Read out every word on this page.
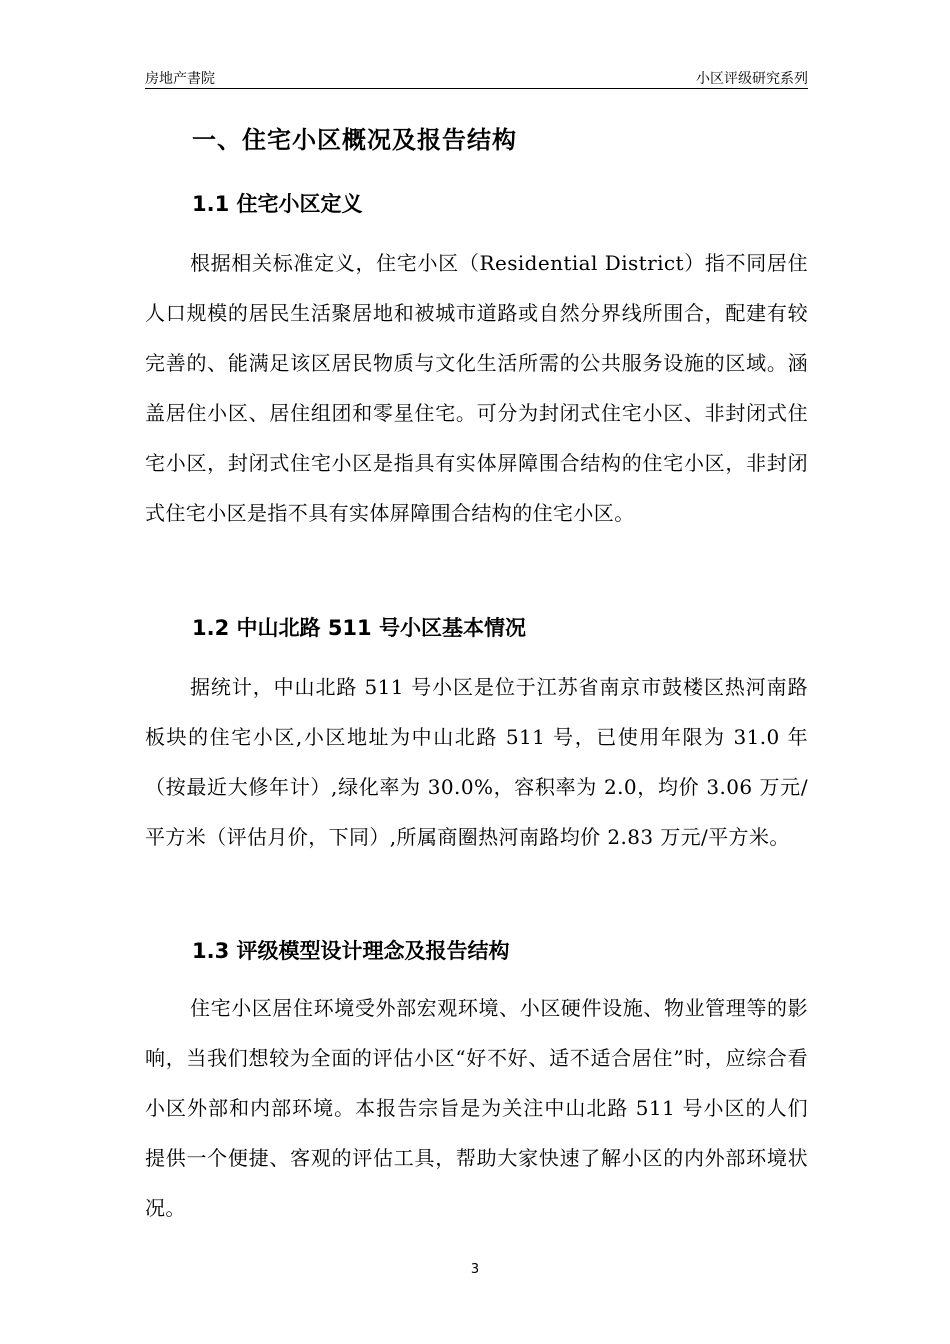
房地产書院	小区评级研究系列
一、住宅小区概况及报告结构
1.1 住宅小区定义

根据相关标准定义，住宅小区（Residential District）指不同居住人口规模的居民生活聚居地和被城市道路或自然分界线所围合，配建有较完善的、能满足该区居民物质与文化生活所需的公共服务设施的区域。涵盖居住小区、居住组团和零星住宅。可分为封闭式住宅小区、非封闭式住宅小区，封闭式住宅小区是指具有实体屏障围合结构的住宅小区，非封闭式住宅小区是指不具有实体屏障围合结构的住宅小区。

1.2 中山北路 511 号小区基本情况

据统计，中山北路 511 号小区是位于江苏省南京市鼓楼区热河南路板块的住宅小区,小区地址为中山北路 511 号，已使用年限为 31.0 年（按最近大修年计）,绿化率为 30.0%，容积率为 2.0，均价 3.06 万元/平方米（评估月价，下同）,所属商圈热河南路均价 2.83 万元/平方米。

1.3 评级模型设计理念及报告结构

住宅小区居住环境受外部宏观环境、小区硬件设施、物业管理等的影响，当我们想较为全面的评估小区“好不好、适不适合居住”时，应综合看小区外部和内部环境。本报告宗旨是为关注中山北路 511 号小区的人们提供一个便捷、客观的评估工具，帮助大家快速了解小区的内外部环境状况。

3
